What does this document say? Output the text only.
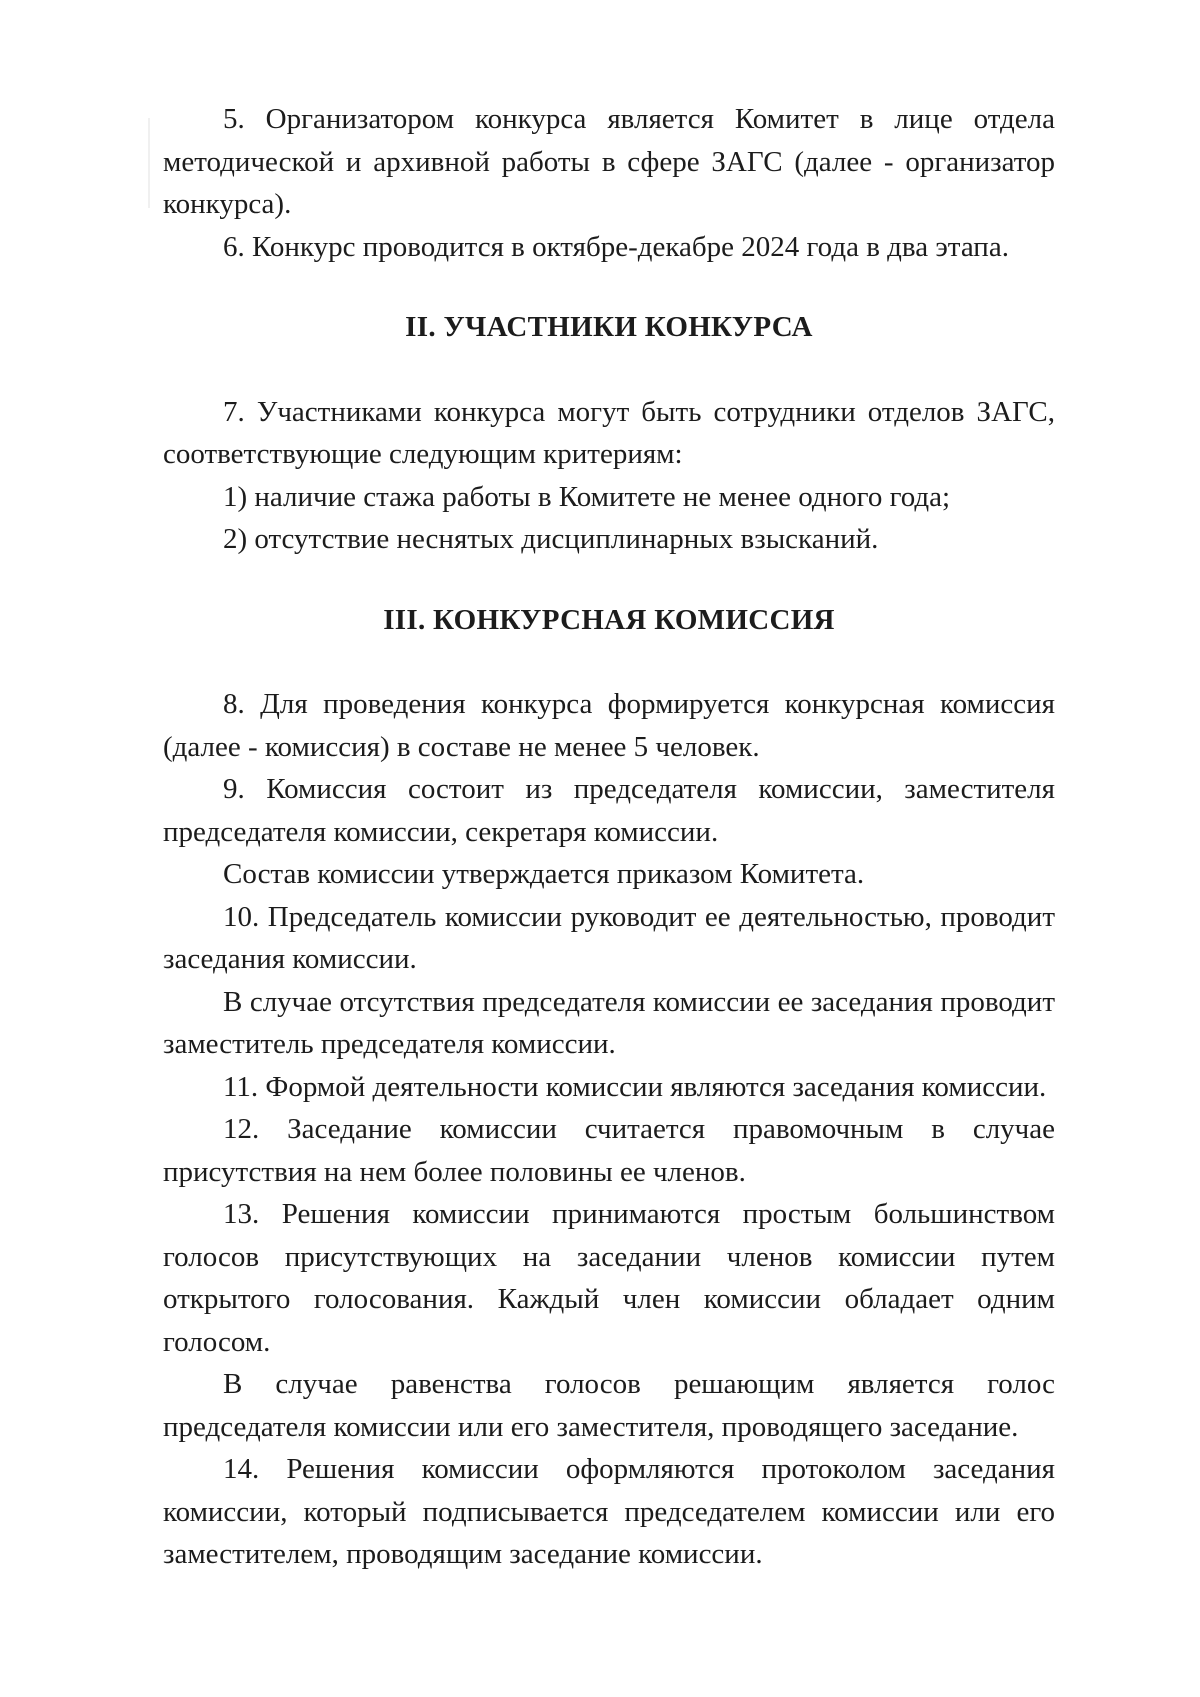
5. Организатором конкурса является Комитет в лице отдела методической и архивной работы в сфере ЗАГС (далее - организатор конкурса).

6. Конкурс проводится в октябре-декабре 2024 года в два этапа.

II. УЧАСТНИКИ КОНКУРСА

7. Участниками конкурса могут быть сотрудники отделов ЗАГС, соответствующие следующим критериям:

1) наличие стажа работы в Комитете не менее одного года;

2) отсутствие неснятых дисциплинарных взысканий.

III. КОНКУРСНАЯ КОМИССИЯ

8. Для проведения конкурса формируется конкурсная комиссия (далее - комиссия) в составе не менее 5 человек.

9. Комиссия состоит из председателя комиссии, заместителя председателя комиссии, секретаря комиссии.

Состав комиссии утверждается приказом Комитета.

10. Председатель комиссии руководит ее деятельностью, проводит заседания комиссии.

В случае отсутствия председателя комиссии ее заседания проводит заместитель председателя комиссии.

11. Формой деятельности комиссии являются заседания комиссии.

12. Заседание комиссии считается правомочным в случае присутствия на нем более половины ее членов.

13. Решения комиссии принимаются простым большинством голосов присутствующих на заседании членов комиссии путем открытого голосования. Каждый член комиссии обладает одним голосом.

В случае равенства голосов решающим является голос председателя комиссии или его заместителя, проводящего заседание.

14. Решения комиссии оформляются протоколом заседания комиссии, который подписывается председателем комиссии или его заместителем, проводящим заседание комиссии.
